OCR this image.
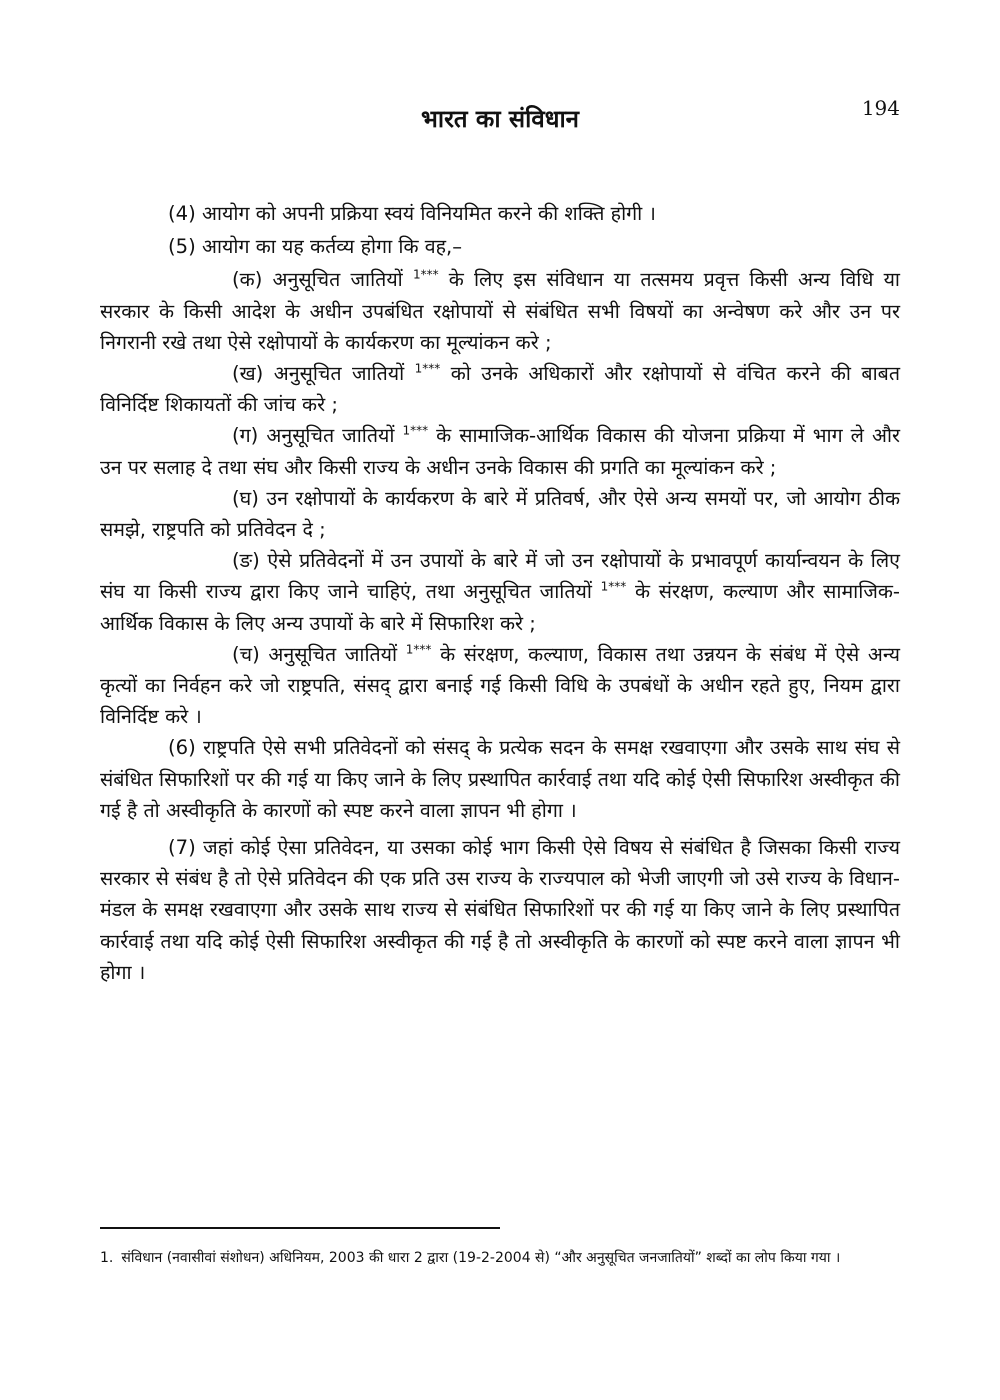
भारत का संविधान	194

(4) आयोग को अपनी प्रक्रिया स्वयं विनियमित करने की शक्ति होगी ।

(5) आयोग का यह कर्तव्य होगा कि वह,–

(क) अनुसूचित जातियों $^{1***}$ के लिए इस संविधान या तत्समय प्रवृत्त किसी अन्य विधि या सरकार के किसी आदेश के अधीन उपबंधित रक्षोपायों से संबंधित सभी विषयों का अन्वेषण करे और उन पर निगरानी रखे तथा ऐसे रक्षोपायों के कार्यकरण का मूल्यांकन करे ;

(ख) अनुसूचित जातियों $^{1***}$ को उनके अधिकारों और रक्षोपायों से वंचित करने की बाबत विनिर्दिष्ट शिकायतों की जांच करे ;

(ग) अनुसूचित जातियों $^{1***}$ के सामाजिक-आर्थिक विकास की योजना प्रक्रिया में भाग ले और उन पर सलाह दे तथा संघ और किसी राज्य के अधीन उनके विकास की प्रगति का मूल्यांकन करे ;

(घ) उन रक्षोपायों के कार्यकरण के बारे में प्रतिवर्ष, और ऐसे अन्य समयों पर, जो आयोग ठीक समझे, राष्ट्रपति को प्रतिवेदन दे ;

(ङ) ऐसे प्रतिवेदनों में उन उपायों के बारे में जो उन रक्षोपायों के प्रभावपूर्ण कार्यान्वयन के लिए संघ या किसी राज्य द्वारा किए जाने चाहिएं, तथा अनुसूचित जातियों $^{1***}$ के संरक्षण, कल्याण और सामाजिक-आर्थिक विकास के लिए अन्य उपायों के बारे में सिफारिश करे ;

(च) अनुसूचित जातियों $^{1***}$ के संरक्षण, कल्याण, विकास तथा उन्नयन के संबंध में ऐसे अन्य कृत्यों का निर्वहन करे जो राष्ट्रपति, संसद् द्वारा बनाई गई किसी विधि के उपबंधों के अधीन रहते हुए, नियम द्वारा विनिर्दिष्ट करे ।

(6) राष्ट्रपति ऐसे सभी प्रतिवेदनों को संसद् के प्रत्येक सदन के समक्ष रखवाएगा और उसके साथ संघ से संबंधित सिफारिशों पर की गई या किए जाने के लिए प्रस्थापित कार्रवाई तथा यदि कोई ऐसी सिफारिश अस्वीकृत की गई है तो अस्वीकृति के कारणों को स्पष्ट करने वाला ज्ञापन भी होगा ।

(7) जहां कोई ऐसा प्रतिवेदन, या उसका कोई भाग किसी ऐसे विषय से संबंधित है जिसका किसी राज्य सरकार से संबंध है तो ऐसे प्रतिवेदन की एक प्रति उस राज्य के राज्यपाल को भेजी जाएगी जो उसे राज्य के विधान-मंडल के समक्ष रखवाएगा और उसके साथ राज्य से संबंधित सिफारिशों पर की गई या किए जाने के लिए प्रस्थापित कार्रवाई तथा यदि कोई ऐसी सिफारिश अस्वीकृत की गई है तो अस्वीकृति के कारणों को स्पष्ट करने वाला ज्ञापन भी होगा ।

1. संविधान (नवासीवां संशोधन) अधिनियम, 2003 की धारा 2 द्वारा (19-2-2004 से) “और अनुसूचित जनजातियों” शब्दों का लोप किया गया ।
